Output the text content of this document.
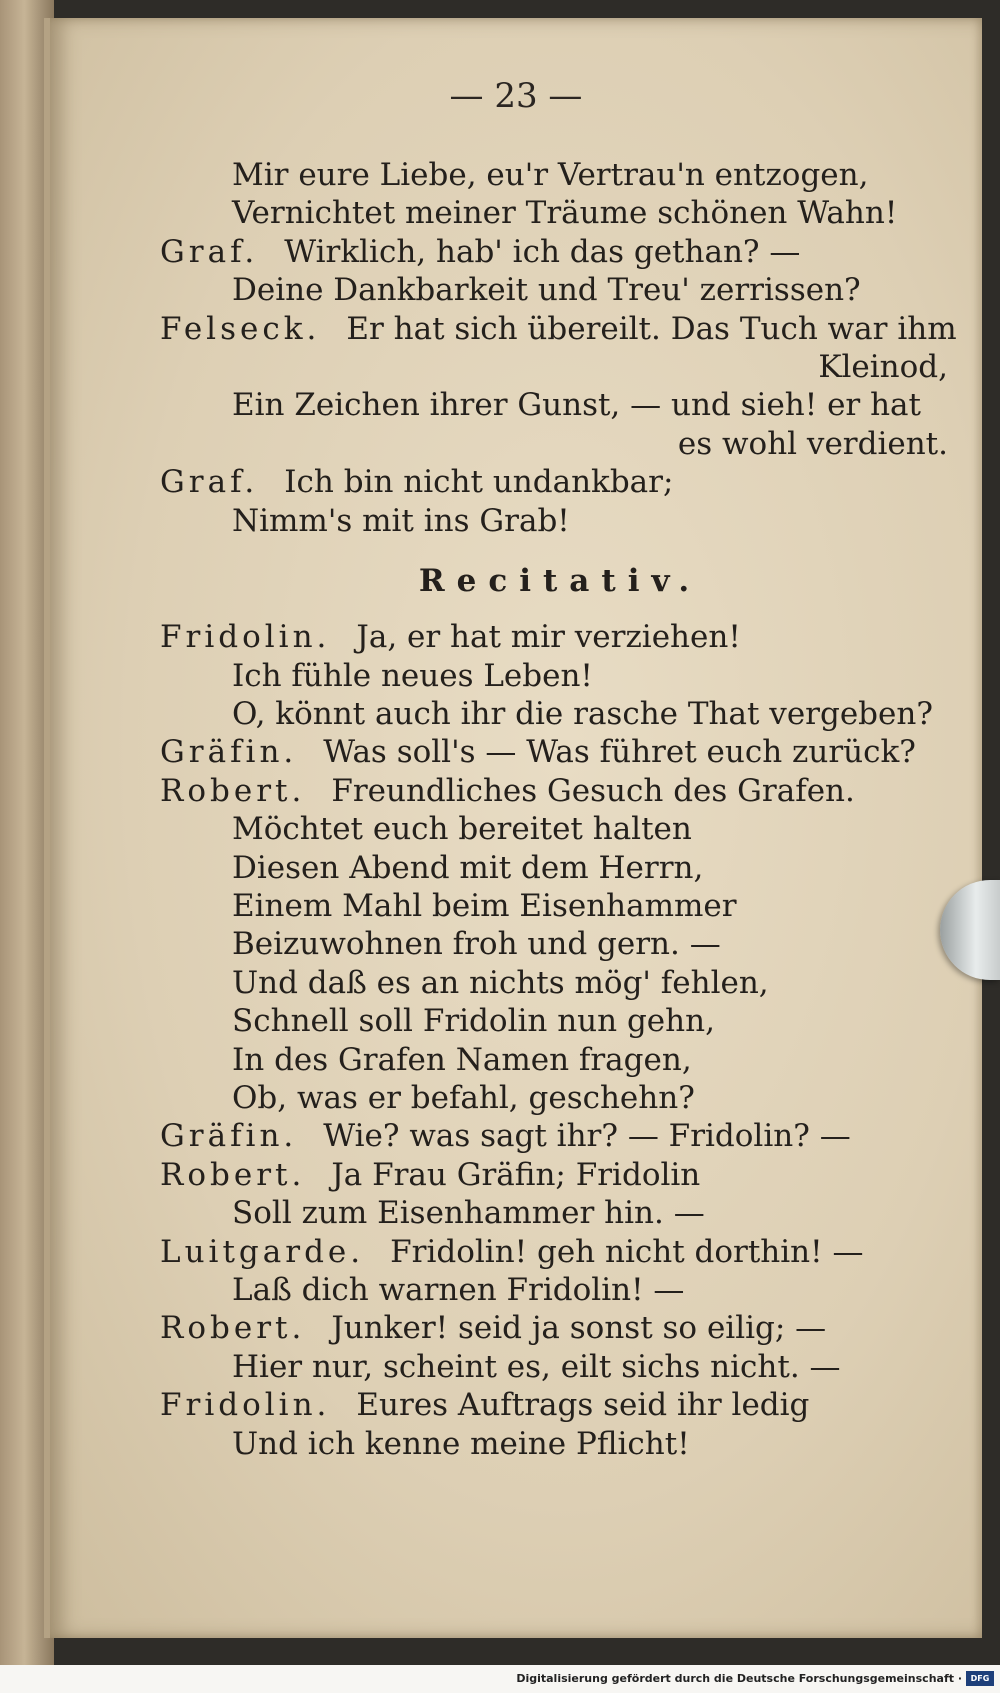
— 23 —
Mir eure Liebe, eu'r Vertrau'n entzogen,
Vernichtet meiner Träume schönen Wahn!
Graf. Wirklich, hab' ich das gethan? —
Deine Dankbarkeit und Treu' zerrissen?
Felseck. Er hat sich übereilt. Das Tuch war ihm
Kleinod,
Ein Zeichen ihrer Gunst, — und sieh! er hat
es wohl verdient.
Graf. Ich bin nicht undankbar;
Nimm's mit ins Grab!
Recitativ.
Fridolin. Ja, er hat mir verziehen!
Ich fühle neues Leben!
O, könnt auch ihr die rasche That vergeben?
Gräfin. Was soll's — Was führet euch zurück?
Robert. Freundliches Gesuch des Grafen.
Möchtet euch bereitet halten
Diesen Abend mit dem Herrn,
Einem Mahl beim Eisenhammer
Beizuwohnen froh und gern. —
Und daß es an nichts mög' fehlen,
Schnell soll Fridolin nun gehn,
In des Grafen Namen fragen,
Ob, was er befahl, geschehn?
Gräfin. Wie? was sagt ihr? — Fridolin? —
Robert. Ja Frau Gräfin; Fridolin
Soll zum Eisenhammer hin. —
Luitgarde. Fridolin! geh nicht dorthin! —
Laß dich warnen Fridolin! —
Robert. Junker! seid ja sonst so eilig; —
Hier nur, scheint es, eilt sichs nicht. —
Fridolin. Eures Auftrags seid ihr ledig
Und ich kenne meine Pflicht!
Digitalisierung gefördert durch die Deutsche Forschungsgemeinschaft ·	DFG
